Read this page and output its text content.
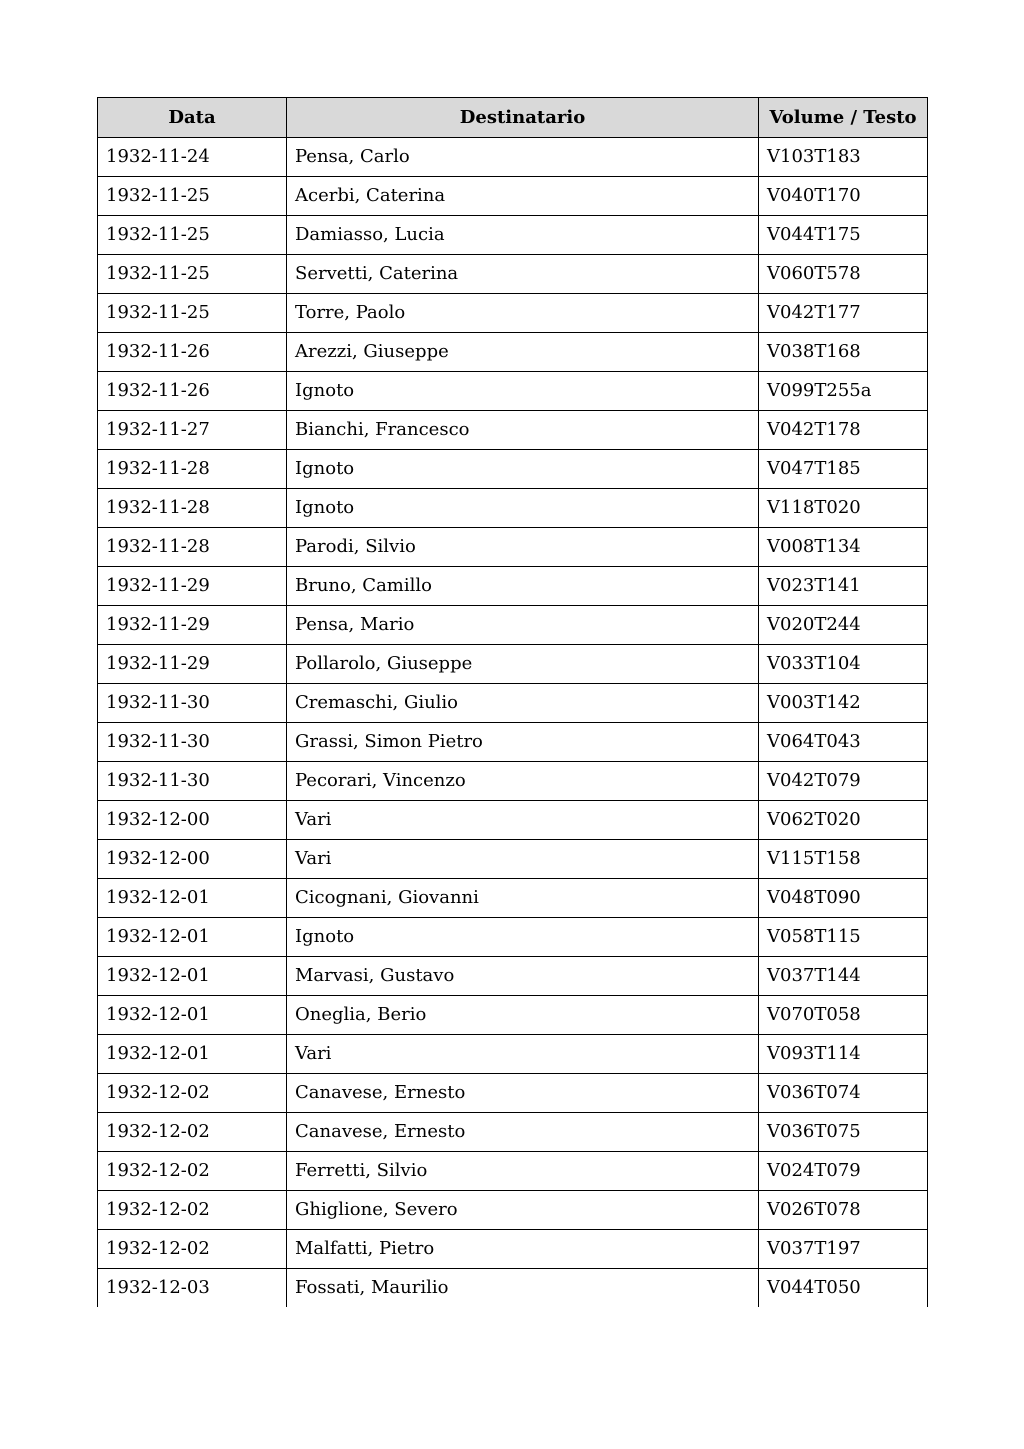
Data	Destinatario	Volume / Testo
1932-11-24	Pensa, Carlo	V103T183
1932-11-25	Acerbi, Caterina	V040T170
1932-11-25	Damiasso, Lucia	V044T175
1932-11-25	Servetti, Caterina	V060T578
1932-11-25	Torre, Paolo	V042T177
1932-11-26	Arezzi, Giuseppe	V038T168
1932-11-26	Ignoto	V099T255a
1932-11-27	Bianchi, Francesco	V042T178
1932-11-28	Ignoto	V047T185
1932-11-28	Ignoto	V118T020
1932-11-28	Parodi, Silvio	V008T134
1932-11-29	Bruno, Camillo	V023T141
1932-11-29	Pensa, Mario	V020T244
1932-11-29	Pollarolo, Giuseppe	V033T104
1932-11-30	Cremaschi, Giulio	V003T142
1932-11-30	Grassi, Simon Pietro	V064T043
1932-11-30	Pecorari, Vincenzo	V042T079
1932-12-00	Vari	V062T020
1932-12-00	Vari	V115T158
1932-12-01	Cicognani, Giovanni	V048T090
1932-12-01	Ignoto	V058T115
1932-12-01	Marvasi, Gustavo	V037T144
1932-12-01	Oneglia, Berio	V070T058
1932-12-01	Vari	V093T114
1932-12-02	Canavese, Ernesto	V036T074
1932-12-02	Canavese, Ernesto	V036T075
1932-12-02	Ferretti, Silvio	V024T079
1932-12-02	Ghiglione, Severo	V026T078
1932-12-02	Malfatti, Pietro	V037T197
1932-12-03	Fossati, Maurilio	V044T050
